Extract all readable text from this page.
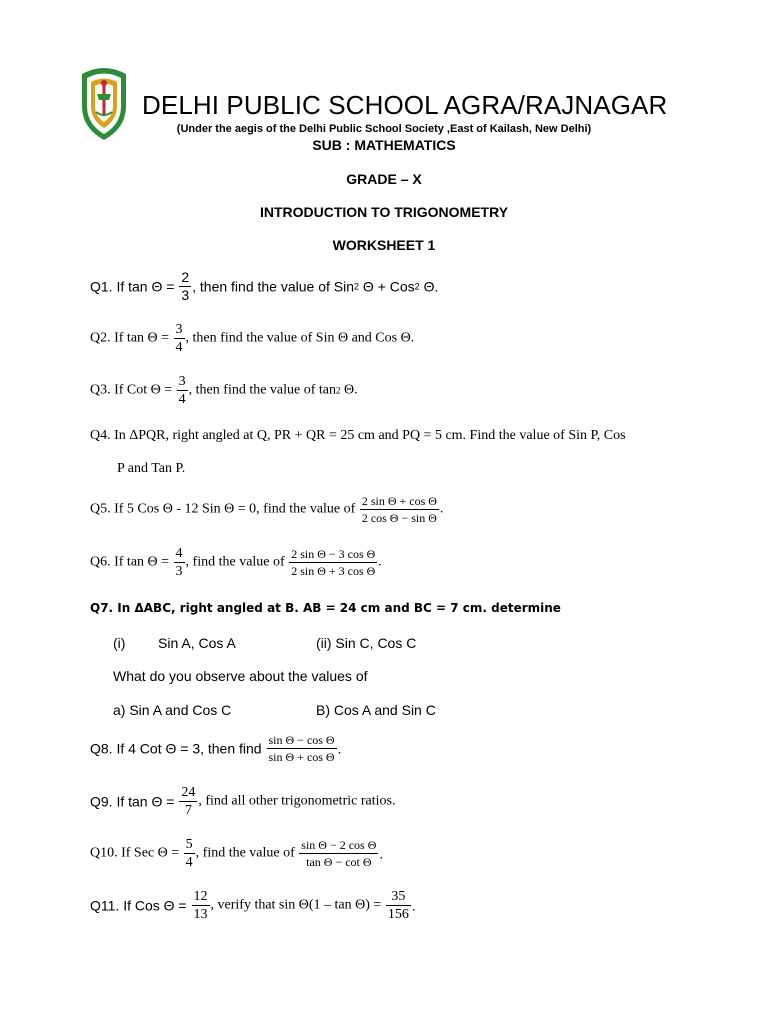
DELHI PUBLIC SCHOOL AGRA/RAJNAGAR
(Under the aegis of the Delhi Public School Society ,East of Kailash, New Delhi)
SUB : MATHEMATICS
GRADE – X
INTRODUCTION TO TRIGONOMETRY
WORKSHEET 1
Q1. If $\tan \Theta = \frac{2}{3}$ , then find the value of Sin2 Θ + Cos2 Θ.
Q2. If $\tan \Theta = \frac{3}{4}$ , then find the value of Sin Θ and Cos Θ.
Q3. If Cot $\Theta = \frac{3}{4}$ , then find the value of tan2 Θ.
Q4. In ΔPQR, right angled at Q, PR + QR = 25 cm and PQ = 5 cm. Find the value of Sin P, Cos
P and Tan P.
Q5. If 5 Cos Θ - 12 Sin Θ = 0, find the value of $\frac{\text{2 sin Θ + cos Θ}}{\text{2 cos Θ − sin Θ}}$ .
Q6. If $\tan \Theta = \frac{4}{3}$ , find the value of $\frac{\text{2 sin Θ − 3 cos Θ}}{\text{2 sin Θ + 3 cos Θ}}$ .
Q7. In ΔABC, right angled at B. AB = 24 cm and BC = 7 cm. determine
(i) Sin A, Cos A	(ii) Sin C, Cos C
What do you observe about the values of
a) Sin A and Cos C	B) Cos A and Sin C
Q8. If 4 Cot Θ = 3, then find $\frac{\text{sin Θ − cos Θ}}{\text{sin Θ + cos Θ}}$ .
Q9. If $\tan \Theta = \frac{24}{7}$ , find all other trigonometric ratios.
Q10. If Sec $\Theta = \frac{5}{4}$ , find the value of $\frac{\text{sin Θ − 2 cos Θ}}{\text{tan Θ − cot Θ}}$ .
Q11. If Cos $\Theta = \frac{12}{13}$ , verify that $\sin \Theta(1 - \tan \Theta) = \frac{35}{156}$ .
